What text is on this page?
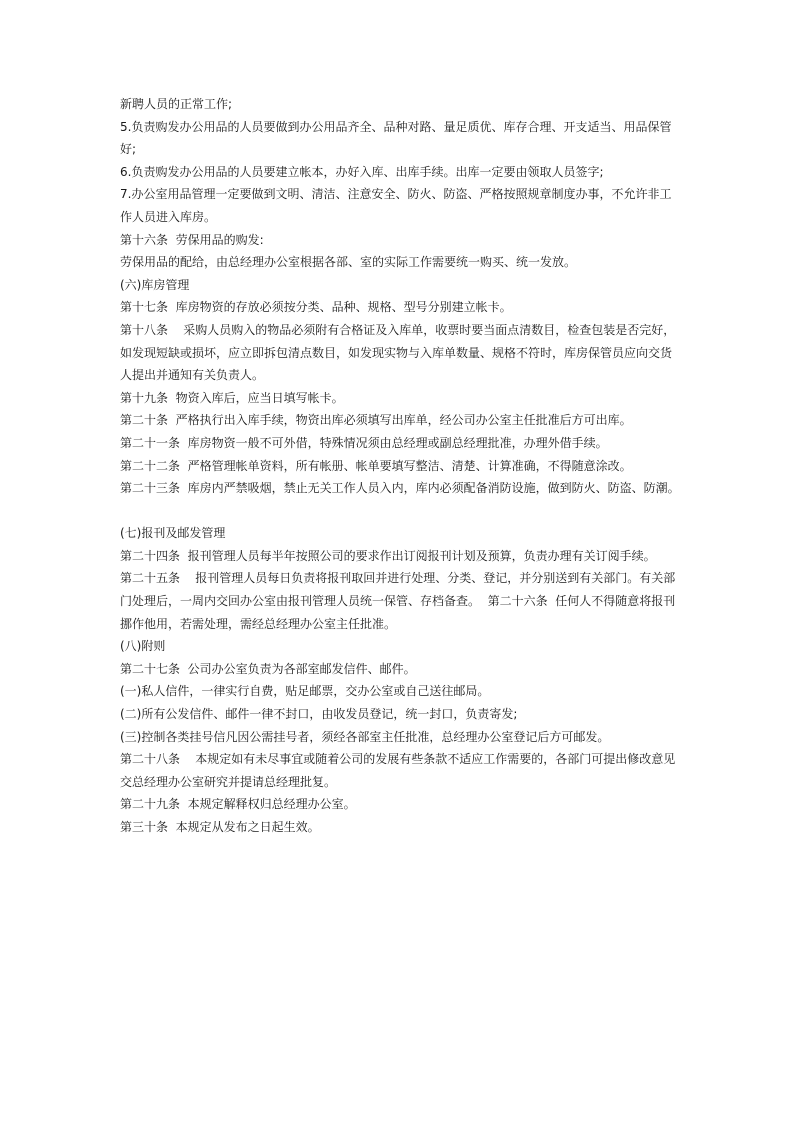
新聘人员的正常工作;
5.负责购发办公用品的人员要做到办公用品齐全、品种对路、量足质优、库存合理、开支适当、用品保管
好;
6.负责购发办公用品的人员要建立帐本，办好入库、出库手续。出库一定要由领取人员签字;
7.办公室用品管理一定要做到文明、清洁、注意安全、防火、防盗、严格按照规章制度办事，不允许非工
作人员进入库房。
第十六条  劳保用品的购发:
劳保用品的配给，由总经理办公室根据各部、室的实际工作需要统一购买、统一发放。
(六)库房管理
第十七条  库房物资的存放必须按分类、品种、规格、型号分别建立帐卡。
第十八条    采购人员购入的物品必须附有合格证及入库单，收票时要当面点清数目，检查包装是否完好，
如发现短缺或损坏，应立即拆包清点数目，如发现实物与入库单数量、规格不符时，库房保管员应向交货
人提出并通知有关负责人。
第十九条  物资入库后，应当日填写帐卡。
第二十条  严格执行出入库手续，物资出库必须填写出库单，经公司办公室主任批准后方可出库。
第二十一条  库房物资一般不可外借，特殊情况须由总经理或副总经理批准，办理外借手续。
第二十二条  严格管理帐单资料，所有帐册、帐单要填写整洁、清楚、计算准确，不得随意涂改。
第二十三条  库房内严禁吸烟，禁止无关工作人员入内，库内必须配备消防设施，做到防火、防盗、防潮。
(七)报刊及邮发管理
第二十四条  报刊管理人员每半年按照公司的要求作出订阅报刊计划及预算，负责办理有关订阅手续。
第二十五条    报刊管理人员每日负责将报刊取回并进行处理、分类、登记，并分别送到有关部门。有关部
门处理后，一周内交回办公室由报刊管理人员统一保管、存档备查。  第二十六条  任何人不得随意将报刊
挪作他用，若需处理，需经总经理办公室主任批准。
(八)附则
第二十七条  公司办公室负责为各部室邮发信件、邮件。
(一)私人信件，一律实行自费，贴足邮票，交办公室或自己送往邮局。
(二)所有公发信件、邮件一律不封口，由收发员登记，统一封口，负责寄发;
(三)控制各类挂号信凡因公需挂号者，须经各部室主任批准，总经理办公室登记后方可邮发。
第二十八条    本规定如有未尽事宜或随着公司的发展有些条款不适应工作需要的，各部门可提出修改意见
交总经理办公室研究并提请总经理批复。
第二十九条  本规定解释权归总经理办公室。
第三十条  本规定从发布之日起生效。
